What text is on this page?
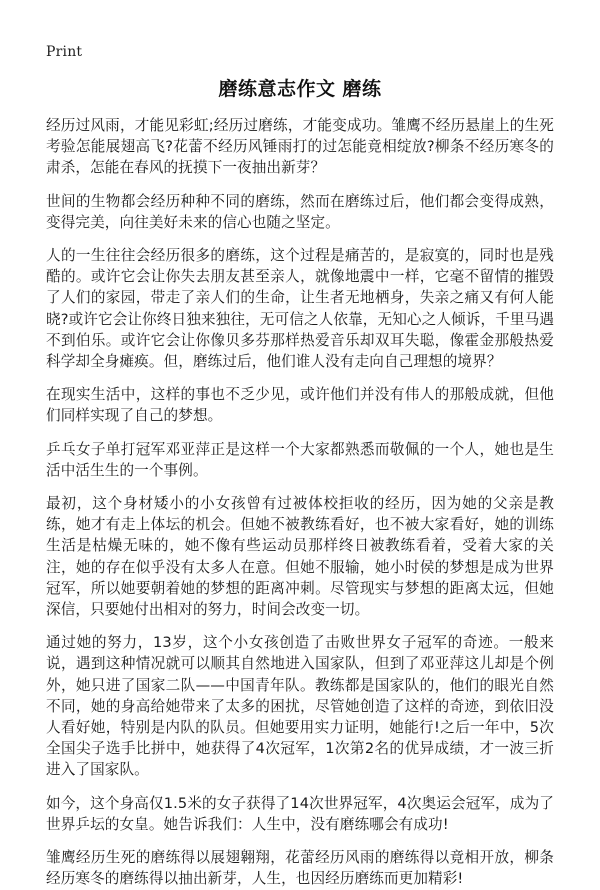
Print
磨练意志作文 磨练

经历过风雨，才能见彩虹;经历过磨练，才能变成功。雏鹰不经历悬崖上的生死考验怎能展翅高飞?花蕾不经历风锤雨打的过怎能竟相绽放?柳条不经历寒冬的肃杀，怎能在春风的抚摸下一夜抽出新芽？

世间的生物都会经历种种不同的磨练，然而在磨练过后，他们都会变得成熟，变得完美，向往美好未来的信心也随之坚定。

人的一生往往会经历很多的磨练，这个过程是痛苦的，是寂寞的，同时也是残酷的。或许它会让你失去朋友甚至亲人，就像地震中一样，它毫不留情的摧毁了人们的家园，带走了亲人们的生命，让生者无地栖身，失亲之痛又有何人能晓?或许它会让你终日独来独往，无可信之人依靠，无知心之人倾诉，千里马遇不到伯乐。或许它会让你像贝多芬那样热爱音乐却双耳失聪，像霍金那般热爱科学却全身瘫痪。但，磨练过后，他们谁人没有走向自己理想的境界？

在现实生活中，这样的事也不乏少见，或许他们并没有伟人的那般成就，但他们同样实现了自己的梦想。

乒乓女子单打冠军邓亚萍正是这样一个大家都熟悉而敬佩的一个人，她也是生活中活生生的一个事例。

最初，这个身材矮小的小女孩曾有过被体校拒收的经历，因为她的父亲是教练，她才有走上体坛的机会。但她不被教练看好，也不被大家看好，她的训练生活是枯燥无味的，她不像有些运动员那样终日被教练看着，受着大家的关注，她的存在似乎没有太多人在意。但她不服输，她小时侯的梦想是成为世界冠军，所以她要朝着她的梦想的距离冲刺。尽管现实与梦想的距离太远，但她深信，只要她付出相对的努力，时间会改变一切。

通过她的努力，13岁，这个小女孩创造了击败世界女子冠军的奇迹。一般来说，遇到这种情况就可以顺其自然地进入国家队，但到了邓亚萍这儿却是个例外，她只进了国家二队——中国青年队。教练都是国家队的，他们的眼光自然不同，她的身高给她带来了太多的困扰，尽管她创造了这样的奇迹，到依旧没人看好她，特别是内队的队员。但她要用实力证明，她能行!之后一年中，5次全国尖子选手比拼中，她获得了4次冠军，1次第2名的优异成绩，才一波三折进入了国家队。

如今，这个身高仅1.5米的女子获得了14次世界冠军，4次奥运会冠军，成为了世界乒坛的女皇。她告诉我们：人生中，没有磨练哪会有成功!

雏鹰经历生死的磨练得以展翅翱翔，花蕾经历风雨的磨练得以竟相开放，柳条经历寒冬的磨练得以抽出新芽，人生，也因经历磨练而更加精彩!
